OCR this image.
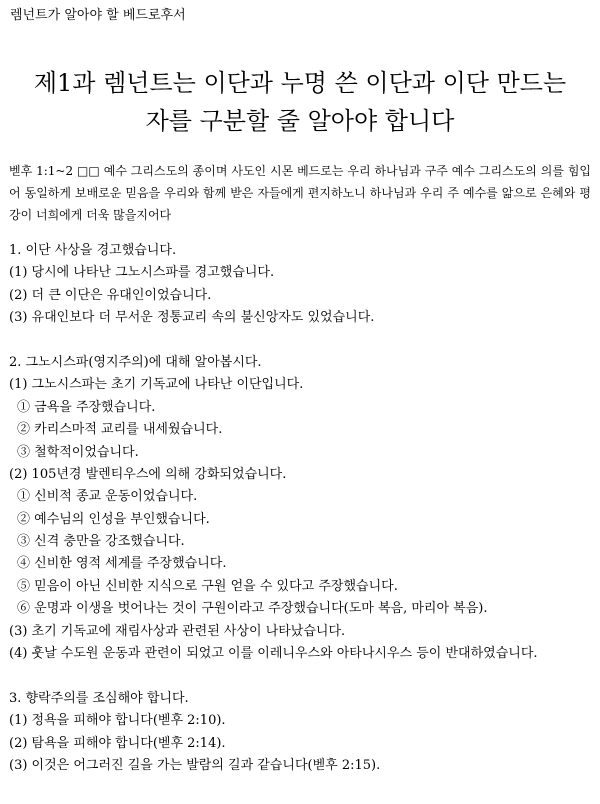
렘넌트가 알아야 할 베드로후서
제1과 렘넌트는 이단과 누명 쓴 이단과 이단 만드는
자를 구분할 줄 알아야 합니다
벧후 1:1~2 □□ 예수 그리스도의 종이며 사도인 시몬 베드로는 우리 하나님과 구주 예수 그리스도의 의를 힘입어 동일하게 보배로운 믿음을 우리와 함께 받은 자들에게 편지하노니 하나님과 우리 주 예수를 앎으로 은혜와 평강이 너희에게 더욱 많을지어다
1. 이단 사상을 경고했습니다.
(1) 당시에 나타난 그노시스파를 경고했습니다.
(2) 더 큰 이단은 유대인이었습니다.
(3) 유대인보다 더 무서운 정통교리 속의 불신앙자도 있었습니다.
2. 그노시스파(영지주의)에 대해 알아봅시다.
(1) 그노시스파는 초기 기독교에 나타난 이단입니다.
① 금욕을 주장했습니다.
② 카리스마적 교리를 내세웠습니다.
③ 철학적이었습니다.
(2) 105년경 발렌티우스에 의해 강화되었습니다.
① 신비적 종교 운동이었습니다.
② 예수님의 인성을 부인했습니다.
③ 신격 충만을 강조했습니다.
④ 신비한 영적 세계를 주장했습니다.
⑤ 믿음이 아닌 신비한 지식으로 구원 얻을 수 있다고 주장했습니다.
⑥ 운명과 이생을 벗어나는 것이 구원이라고 주장했습니다(도마 복음, 마리아 복음).
(3) 초기 기독교에 재림사상과 관련된 사상이 나타났습니다.
(4) 훗날 수도원 운동과 관련이 되었고 이를 이레니우스와 아타나시우스 등이 반대하였습니다.
3. 향락주의를 조심해야 합니다.
(1) 정욕을 피해야 합니다(벧후 2:10).
(2) 탐욕을 피해야 합니다(벧후 2:14).
(3) 이것은 어그러진 길을 가는 발람의 길과 같습니다(벧후 2:15).
